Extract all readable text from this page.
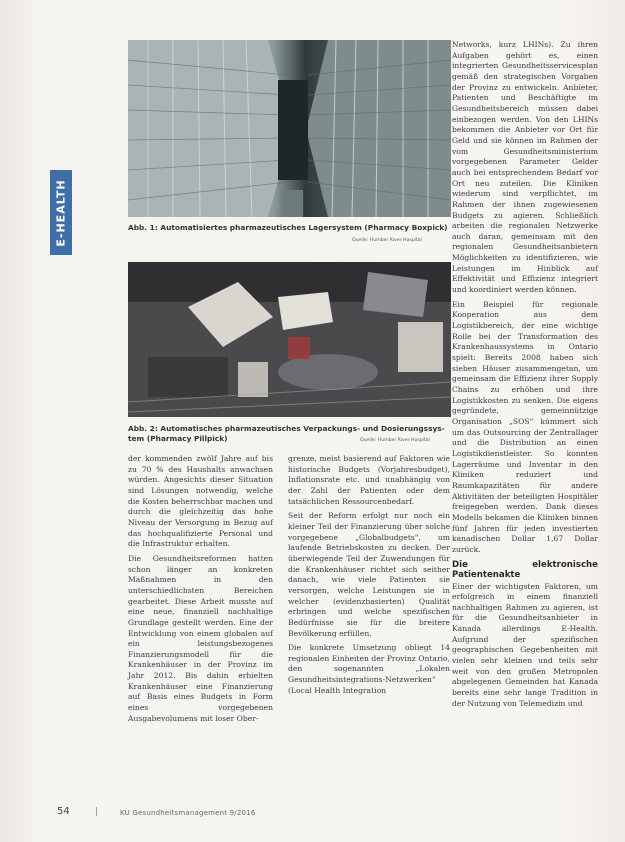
E-HEALTH	Abb. 1: Automatisiertes pharmazeutisches Lagersystem (Pharmacy Boxpick)
Quelle: Humber River Hospital
Abb. 2: Automatisches pharmazeutisches Verpackungs- und Dosierungssys-
tem (Pharmacy Pillpick)	Quelle: Humber River Hospital

der kommenden zwölf Jahre auf bis zu 70 % des Haushalts anwachsen würden. Angesichts dieser Situation sind Lösungen notwendig, welche die Kosten beherrschbar machen und durch die gleichzeitig das hohe Niveau der Versorgung in Bezug auf das hochqualifizierte Personal und die Infrastruktur erhalten.

Die Gesundheitsreformen hatten schon länger an konkreten Maßnahmen in den unterschiedlichsten Bereichen gearbeitet. Diese Arbeit musste auf eine neue, finanziell nachhaltige Grundlage gestellt werden. Eine der Entwicklung von einem globalen auf ein leistungsbezogenes Finanzierungsmodell für die Krankenhäuser in der Provinz im Jahr 2012. Bis dahin erhielten Krankenhäuser eine Finanzierung auf Basis eines Budgets in Form eines vorgegebenen Ausgabevolumens mit loser Ober-

grenze, meist basierend auf Faktoren wie historische Budgets (Vorjahresbudget), Inflationsrate etc. und unabhängig von der Zahl der Patienten oder dem tatsächlichen Ressourcenbedarf.

Seit der Reform erfolgt nur noch ein kleiner Teil der Finanzierung über solche vorgegebene „Globalbudgets", um laufende Betriebskosten zu decken. Der überwiegende Teil der Zuwendungen für die Krankenhäuser richtet sich seither danach, wie viele Patienten sie versorgen, welche Leistungen sie in welcher (evidenzbasierten) Qualität erbringen und welche spezifischen Bedürfnisse sie für die breitere Bevölkerung erfüllen.

Die konkrete Umsetzung obliegt 14 regionalen Einheiten der Provinz Ontario, den sogenannten „Lokalen Gesundheitsintegrations-Netzwerken" (Local Health Integration

Networks, kurz LHINs). Zu ihren Aufgaben gehört es, einen integrierten Gesundheitsservicesplan gemäß den strategischen Vorgaben der Provinz zu entwickeln. Anbieter, Patienten und Beschäftigte im Gesundheitsbereich müssen dabei einbezogen werden. Von den LHINs bekommen die Anbieter vor Ort für Geld und sie können im Rahmen der vom Gesundheitsministerium vorgegebenen Parameter Gelder auch bei entsprechendem Bedarf vor Ort neu zuteilen. Die Kliniken wiederum sind verpflichtet, im Rahmen der ihnen zugewiesenen Budgets zu agieren. Schließlich arbeiten die regionalen Netzwerke auch daran, gemeinsam mit den regionalen Gesundheitsanbietern Möglichkeiten zu identifizieren, wie Leistungen im Hinblick auf Effektivität und Effizienz integriert und koordiniert werden können.

Ein Beispiel für regionale Kooperation aus dem Logistikbereich, der eine wichtige Rolle bei der Transformation des Krankenhaussystems in Ontario spielt: Bereits 2008 haben sich sieben Häuser zusammengetan, um gemeinsam die Effizienz ihrer Supply Chains zu erhöhen und ihre Logistikkosten zu senken. Die eigens gegründete, gemeinnützige Organisation „SOS“ kümmert sich um das Outsourcing der Zentrallager und die Distribution an einen Logistikdienstleister. So konnten Lagerräume und Inventar in den Kliniken reduziert und Raumkapazitäten für andere Aktivitäten der beteiligten Hospitäler freigegeben werden. Dank dieses Modells bekamen die Kliniken binnen fünf Jahren für jeden investierten kanadischen Dollar 1,67 Dollar zurück.

Die elektronische Patientenakte

Einer der wichtigsten Faktoren, um erfolgreich in einem finanziell nachhaltigen Rahmen zu agieren, ist für die Gesundheitsanbieter in Kanada allerdings E-Health. Aufgrund der spezifischen geographischen Gegebenheiten mit vielen sehr kleinen und teils sehr weit von den großen Metropolen abgelegenen Gemeinden hat Kanada bereits eine sehr lange Tradition in der Nutzung von Telemedizin und

54	|	KU Gesundheitsmanagement 9/2016
